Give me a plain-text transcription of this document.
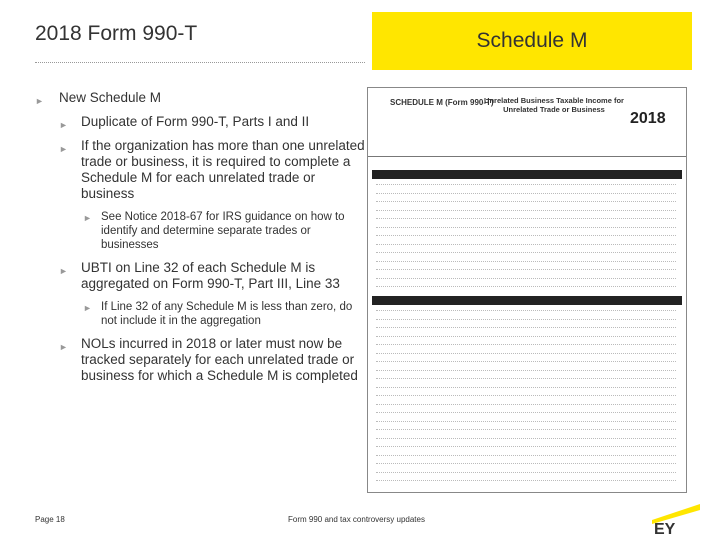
2018 Form 990-T	Schedule M
► New Schedule M
► Duplicate of Form 990-T, Parts I and II
► If the organization has more than one unrelated trade or business, it is required to complete a Schedule M for each unrelated trade or business
► See Notice 2018-67 for IRS guidance on how to identify and determine separate trades or businesses
► UBTI on Line 32 of each Schedule M is aggregated on Form 990-T, Part III, Line 33
► If Line 32 of any Schedule M is less than zero, do not include it in the aggregation
► NOLs incurred in 2018 or later must now be tracked separately for each unrelated trade or business for which a Schedule M is completed
SCHEDULE M (Form 990-T)
Unrelated Business Taxable Income for Unrelated Trade or Business
2018
Page 18	Form 990 and tax controversy updates
EY
